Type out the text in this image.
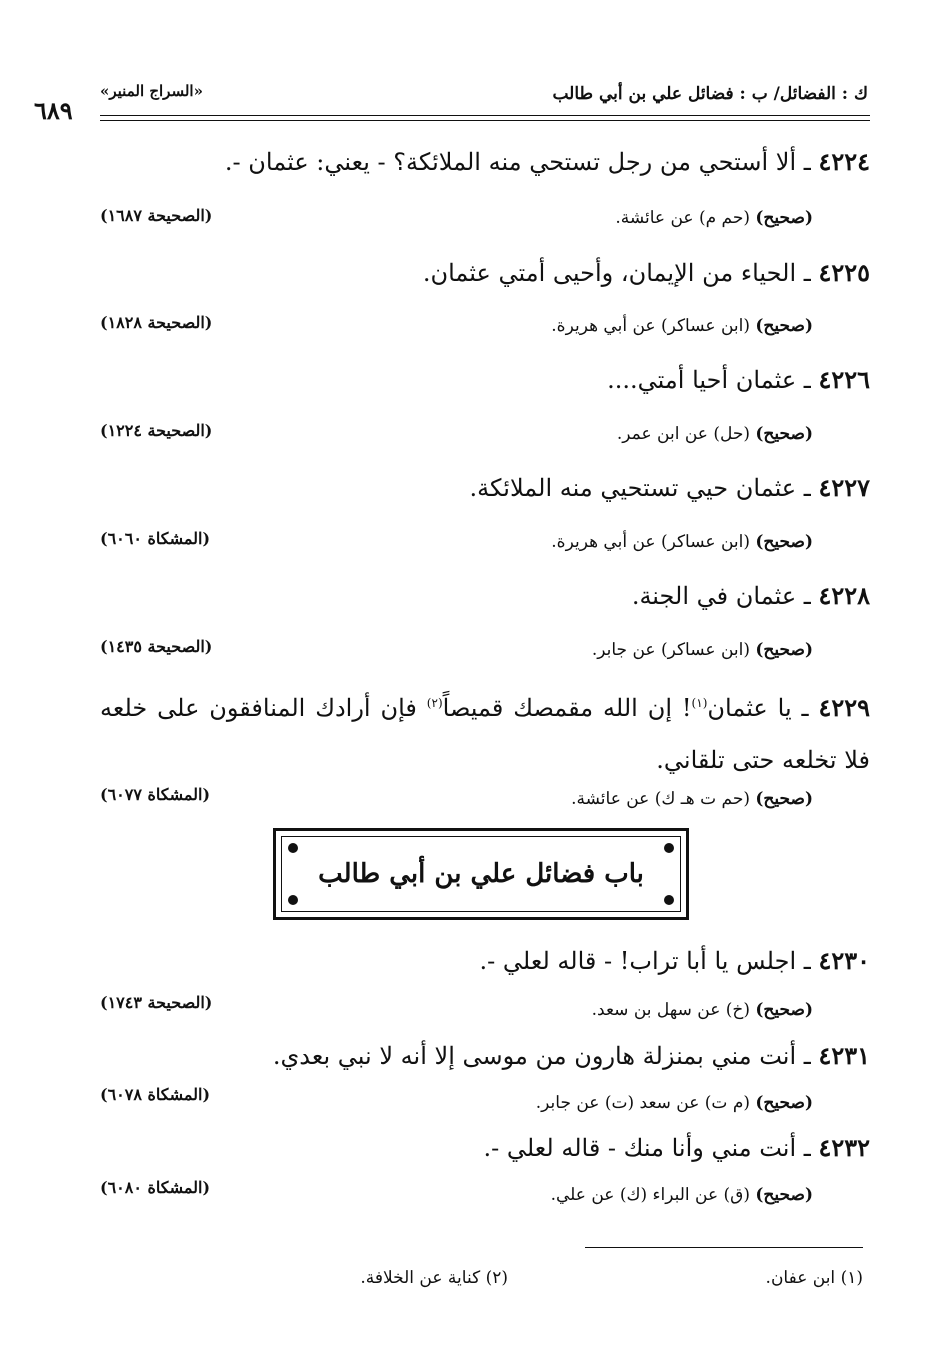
ك : الفضائل/ ب : فضائل علي بن أبي طالب
«السراج المنير»
٦٨٩
٤٢٢٤ ـ ألا أستحي من رجل تستحي منه الملائكة؟ - يعني: عثمان -.
(صحيح) (حم م) عن عائشة.
(الصحيحة ١٦٨٧)
٤٢٢٥ ـ الحياء من الإيمان، وأحيى أمتي عثمان.
(صحيح) (ابن عساكر) عن أبي هريرة.
(الصحيحة ١٨٢٨)
٤٢٢٦ ـ عثمان أحيا أمتي....
(صحيح) (حل) عن ابن عمر.
(الصحيحة ١٢٢٤)
٤٢٢٧ ـ عثمان حيي تستحيي منه الملائكة.
(صحيح) (ابن عساكر) عن أبي هريرة.
(المشكاة ٦٠٦٠)
٤٢٢٨ ـ عثمان في الجنة.
(صحيح) (ابن عساكر) عن جابر.
(الصحيحة ١٤٣٥)
٤٢٢٩ ـ يا عثمان$^{(١)}$! إن الله مقمصك قميصاً$^{(٢)}$ فإن أرادك المنافقون على خلعه فلا تخلعه حتى تلقاني.
(صحيح) (حم ت هـ ك) عن عائشة.
(المشكاة ٦٠٧٧)
باب فضائل علي بن أبي طالب
٤٢٣٠ ـ اجلس يا أبا تراب! - قاله لعلي -.
(صحيح) (خ) عن سهل بن سعد.
(الصحيحة ١٧٤٣)
٤٢٣١ ـ أنت مني بمنزلة هارون من موسى إلا أنه لا نبي بعدي.
(صحيح) (م ت) عن سعد (ت) عن جابر.
(المشكاة ٦٠٧٨)
٤٢٣٢ ـ أنت مني وأنا منك - قاله لعلي -.
(صحيح) (ق) عن البراء (ك) عن علي.
(المشكاة ٦٠٨٠)
(١) ابن عفان.
(٢) كناية عن الخلافة.
